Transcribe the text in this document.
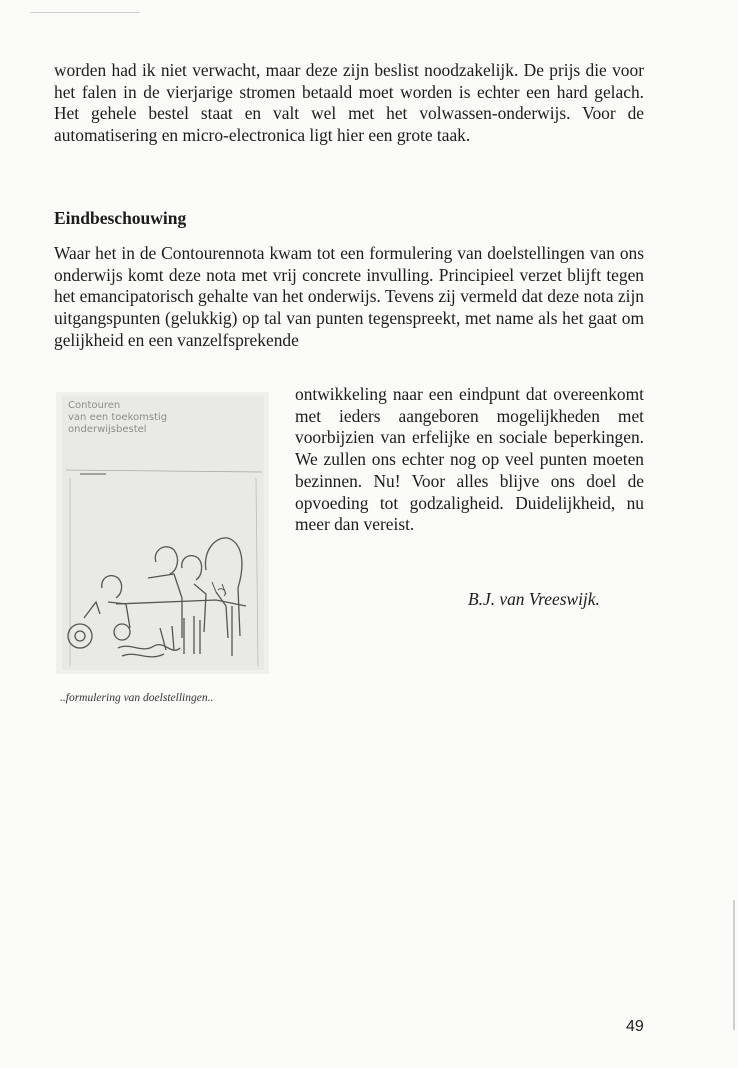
worden had ik niet verwacht, maar deze zijn beslist noodzakelijk. De prijs die voor het falen in de vierjarige stromen betaald moet worden is echter een hard gelach. Het gehele bestel staat en valt wel met het volwassen-onderwijs. Voor de automatisering en micro-electronica ligt hier een grote taak.

Eindbeschouwing

Waar het in de Contourennota kwam tot een formulering van doelstellingen van ons onderwijs komt deze nota met vrij concrete invulling. Principieel verzet blijft tegen het emancipatorisch gehalte van het onderwijs. Tevens zij vermeld dat deze nota zijn uitgangspunten (gelukkig) op tal van punten tegenspreekt, met name als het gaat om gelijkheid en een vanzelfsprekende

Contouren
van een toekomstig
onderwijsbestel

ontwikkeling naar een eindpunt dat overeenkomt met ieders aangeboren mogelijkheden met voorbijzien van erfelijke en sociale beperkingen. We zullen ons echter nog op veel punten moeten bezinnen. Nu! Voor alles blijve ons doel de opvoeding tot godzaligheid. Duidelijkheid, nu meer dan vereist.

B.J. van Vreeswijk.

..formulering van doelstellingen..

49
